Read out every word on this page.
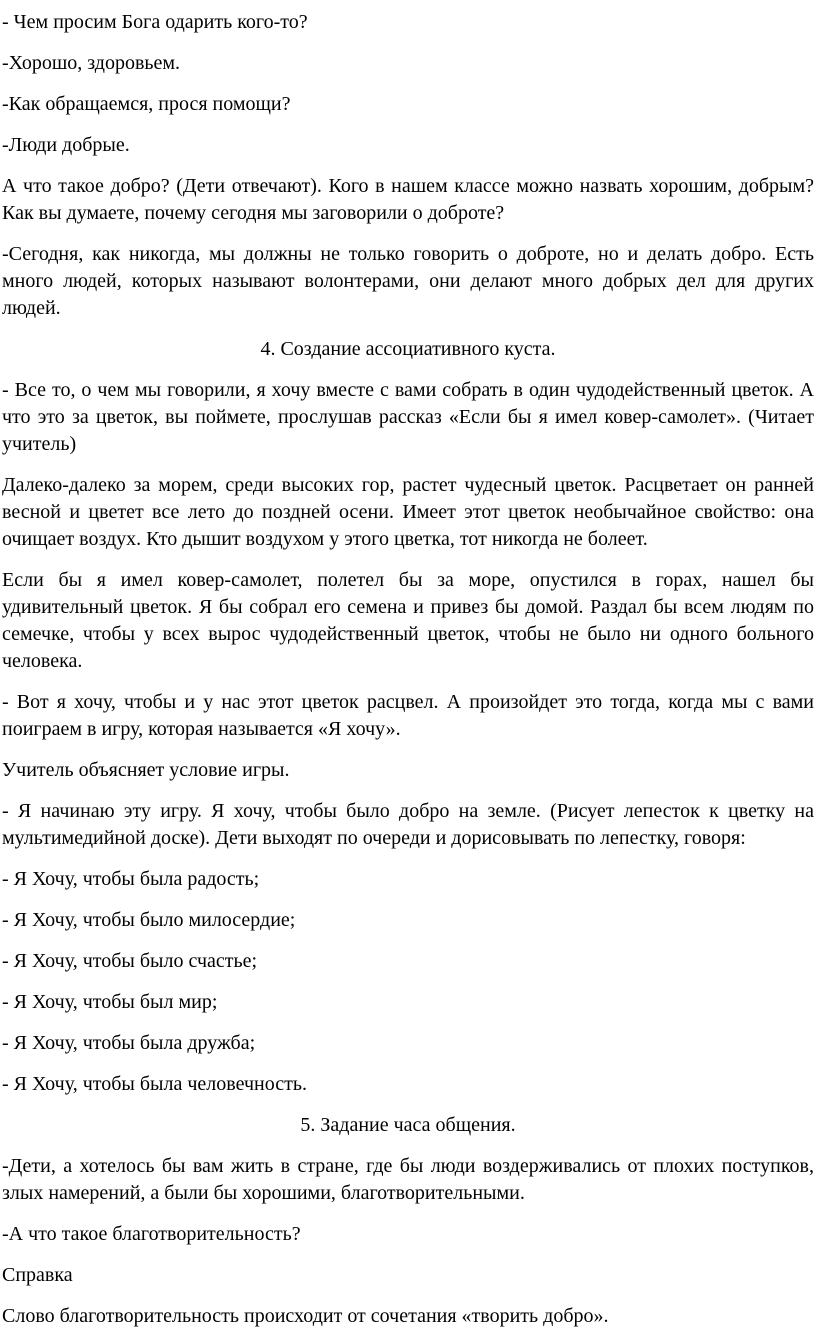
- Чем просим Бога одарить кого-то?

-Хорошо, здоровьем.

-Как обращаемся, прося помощи?

-Люди добрые.

А что такое добро? (Дети отвечают). Кого в нашем классе можно назвать хорошим, добрым? Как вы думаете, почему сегодня мы заговорили о доброте?

-Сегодня, как никогда, мы должны не только говорить о доброте, но и делать добро. Есть много людей, которых называют волонтерами, они делают много добрых дел для других людей.

4. Создание ассоциативного куста.

- Все то, о чем мы говорили, я хочу вместе с вами собрать в один чудодейственный цветок. А что это за цветок, вы поймете, прослушав рассказ «Если бы я имел ковер-самолет». (Читает учитель)

Далеко-далеко за морем, среди высоких гор, растет чудесный цветок. Расцветает он ранней весной и цветет все лето до поздней осени. Имеет этот цветок необычайное свойство: она очищает воздух. Кто дышит воздухом у этого цветка, тот никогда не болеет.

Если бы я имел ковер-самолет, полетел бы за море, опустился в горах, нашел бы удивительный цветок. Я бы собрал его семена и привез бы домой. Раздал бы всем людям по семечке, чтобы у всех вырос чудодейственный цветок, чтобы не было ни одного больного человека.

- Вот я хочу, чтобы и у нас этот цветок расцвел. А произойдет это тогда, когда мы с вами поиграем в игру, которая называется «Я хочу».

Учитель объясняет условие игры.

- Я начинаю эту игру. Я хочу, чтобы было добро на земле. (Рисует лепесток к цветку на мультимедийной доске). Дети выходят по очереди и дорисовывать по лепестку, говоря:

- Я Хочу, чтобы была радость;

- Я Хочу, чтобы было милосердие;

- Я Хочу, чтобы было счастье;

- Я Хочу, чтобы был мир;

- Я Хочу, чтобы была дружба;

- Я Хочу, чтобы была человечность.

5. Задание часа общения.

-Дети, а хотелось бы вам жить в стране, где бы люди воздерживались от плохих поступков, злых намерений, а были бы хорошими, благотворительными.

-А что такое благотворительность?

Справка

Слово благотворительность происходит от сочетания «творить добро».
